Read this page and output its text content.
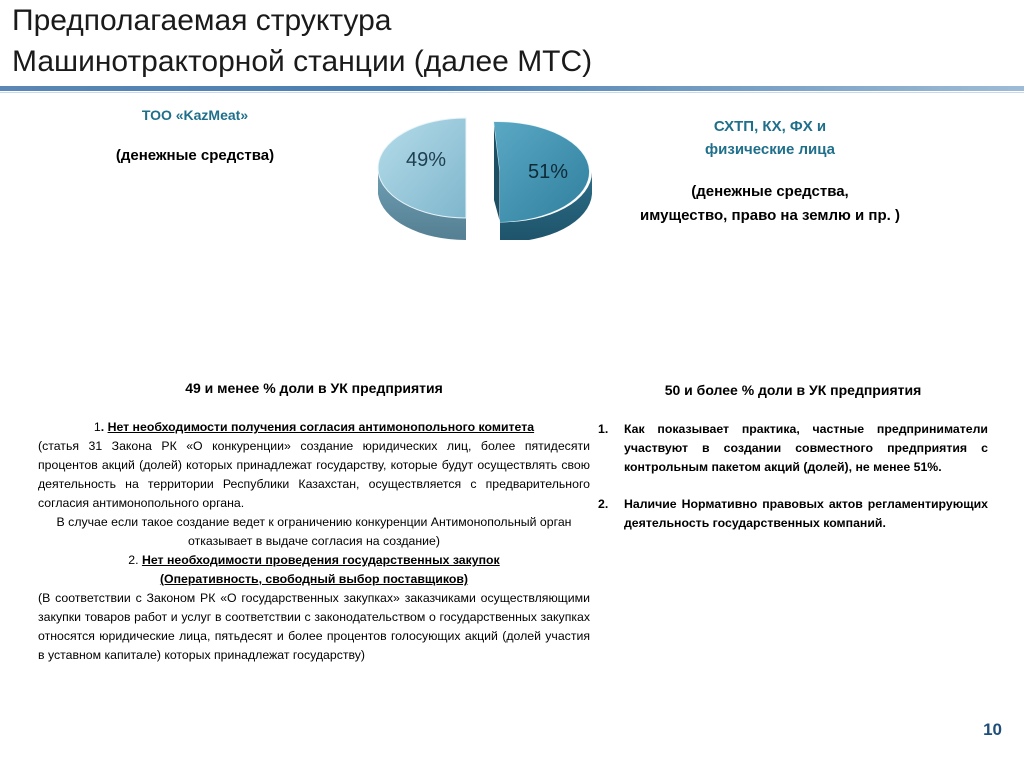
Предполагаемая структура
Машинотракторной станции (далее МТС)
ТОО «KazMeat»
(денежные средства)
СХТП, КХ, ФХ и
физические лица
(денежные средства,
имущество, право на землю и пр. )
49%
51%
49 и менее % доли в УК предприятия	50 и более % доли в УК предприятия

1. Нет необходимости получения согласия антимонопольного комитета

(статья 31 Закона РК «О конкуренции» создание юридических лиц, более пятидесяти процентов акций (долей) которых принадлежат государству, которые будут осуществлять свою деятельность на территории Республики Казахстан, осуществляется с предварительного согласия антимонопольного органа.

В случае если такое создание ведет к ограничению конкуренции Антимонопольный орган отказывает в выдаче согласия на создание)

2. Нет необходимости проведения государственных закупок

(Оперативность, свободный выбор поставщиков)

(В соответствии с Законом РК «О государственных закупках» заказчиками осуществляющими закупки товаров работ и услуг в соответствии с законодательством о государственных закупках относятся юридические лица, пятьдесят и более процентов голосующих акций (долей участия в уставном капитале) которых принадлежат государству)

1.	Как показывает практика, частные предприниматели участвуют в создании совместного предприятия с контрольным пакетом акций (долей), не менее 51%.
2.	Наличие Нормативно правовых актов регламентирующих деятельность государственных компаний.
10
